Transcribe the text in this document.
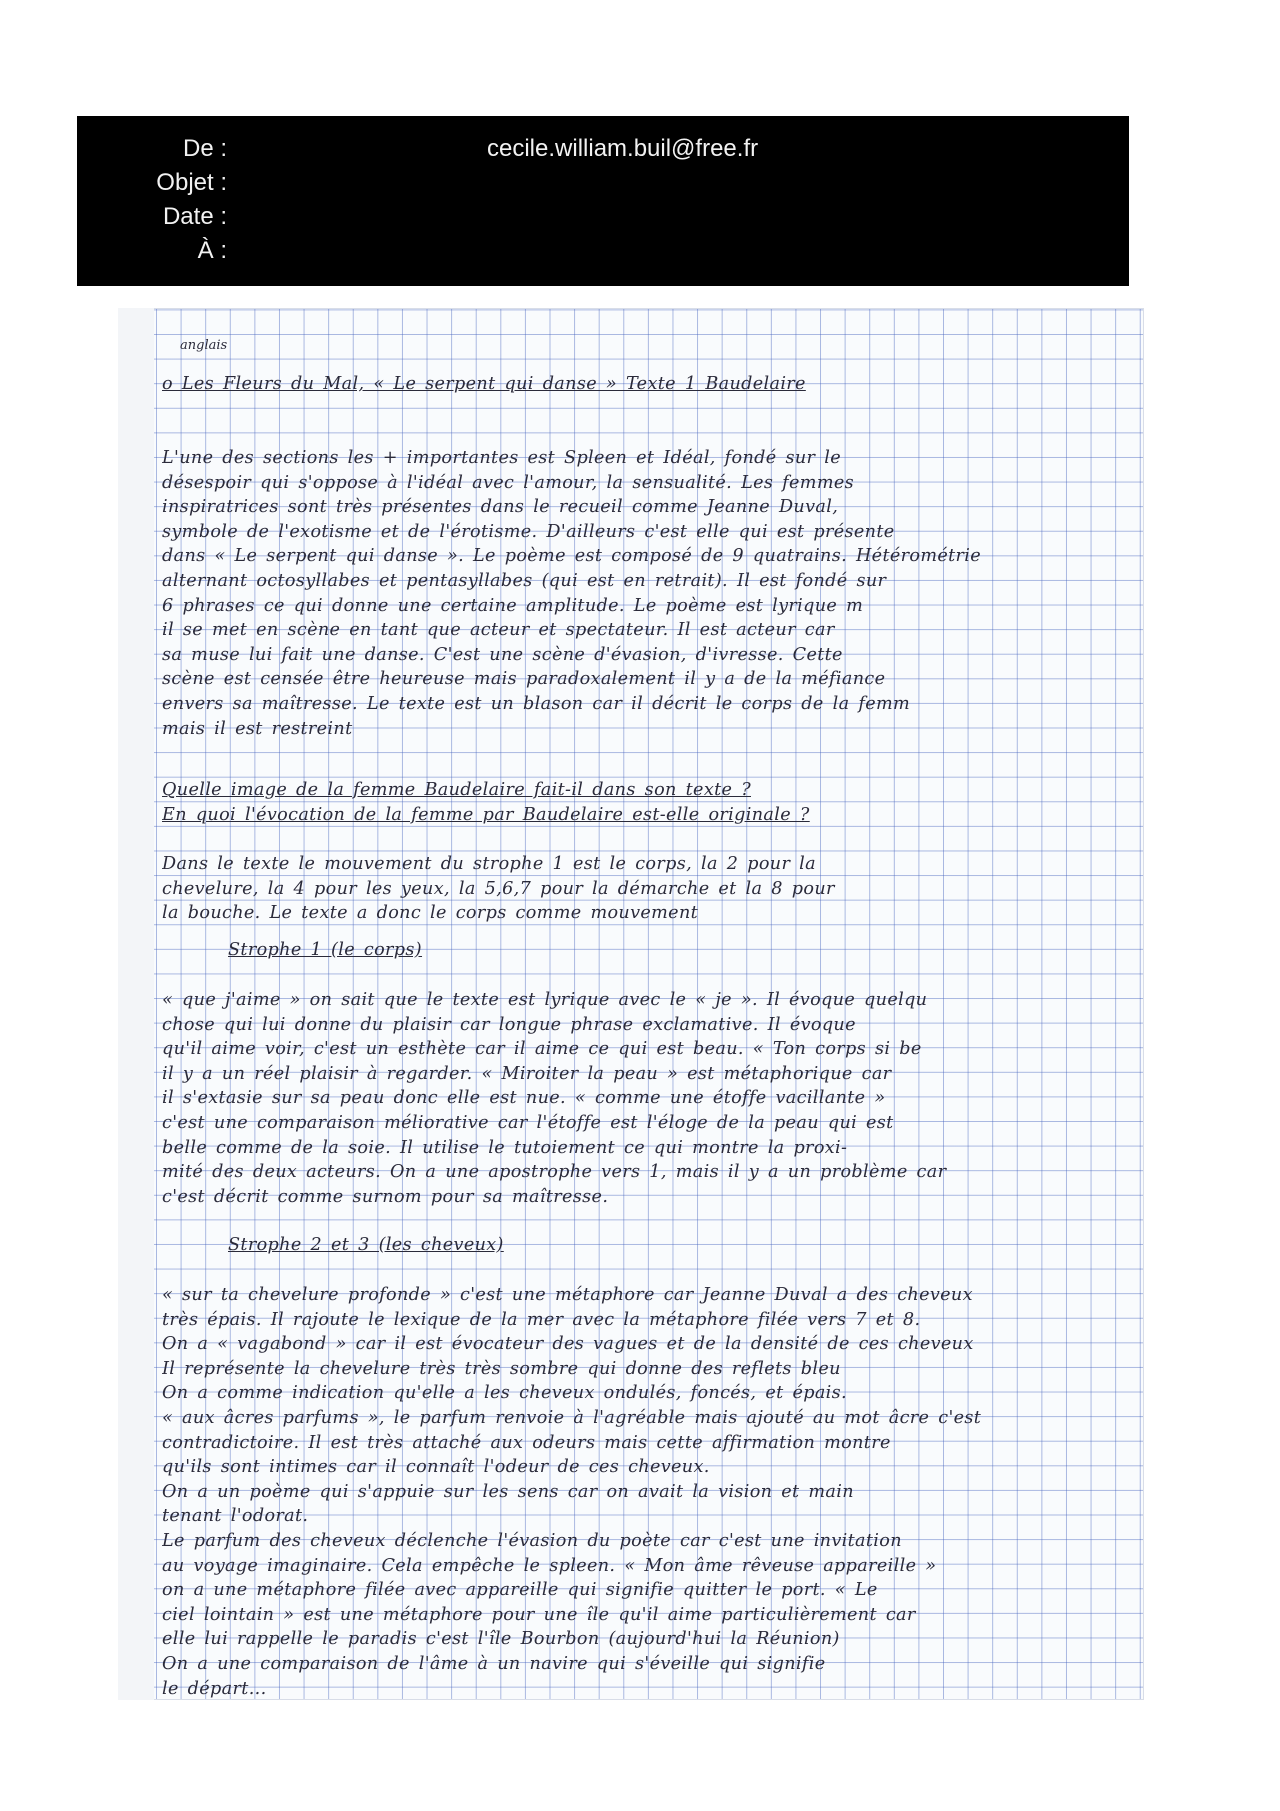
De :	cecile.william.buil@free.fr
Objet :
Date :
À :
anglais
o Les Fleurs du Mal, « Le serpent qui danse » Texte 1 Baudelaire
L'une des sections les + importantes est Spleen et Idéal, fondé sur le
désespoir qui s'oppose à l'idéal avec l'amour, la sensualité. Les femmes
inspiratrices sont très présentes dans le recueil comme Jeanne Duval,
symbole de l'exotisme et de l'érotisme. D'ailleurs c'est elle qui est présente
dans « Le serpent qui danse ». Le poème est composé de 9 quatrains. Hétérométrie
alternant octosyllabes et pentasyllabes (qui est en retrait). Il est fondé sur
6 phrases ce qui donne une certaine amplitude. Le poème est lyrique m
il se met en scène en tant que acteur et spectateur. Il est acteur car
sa muse lui fait une danse. C'est une scène d'évasion, d'ivresse. Cette
scène est censée être heureuse mais paradoxalement il y a de la méfiance
envers sa maîtresse. Le texte est un blason car il décrit le corps de la femm
mais il est restreint
Quelle image de la femme Baudelaire fait-il dans son texte ?
En quoi l'évocation de la femme par Baudelaire est-elle originale ?
Dans le texte le mouvement du strophe 1 est le corps, la 2 pour la
chevelure, la 4 pour les yeux, la 5,6,7 pour la démarche et la 8 pour
la bouche. Le texte a donc le corps comme mouvement
Strophe 1 (le corps)
« que j'aime » on sait que le texte est lyrique avec le « je ». Il évoque quelqu
chose qui lui donne du plaisir car longue phrase exclamative. Il évoque
qu'il aime voir, c'est un esthète car il aime ce qui est beau. « Ton corps si be
il y a un réel plaisir à regarder. « Miroiter la peau » est métaphorique car
il s'extasie sur sa peau donc elle est nue. « comme une étoffe vacillante »
c'est une comparaison méliorative car l'étoffe est l'éloge de la peau qui est
belle comme de la soie. Il utilise le tutoiement ce qui montre la proxi-
mité des deux acteurs. On a une apostrophe vers 1, mais il y a un problème car
c'est décrit comme surnom pour sa maîtresse.
Strophe 2 et 3 (les cheveux)
« sur ta chevelure profonde » c'est une métaphore car Jeanne Duval a des cheveux
très épais. Il rajoute le lexique de la mer avec la métaphore filée vers 7 et 8.
On a « vagabond » car il est évocateur des vagues et de la densité de ces cheveux
Il représente la chevelure très très sombre qui donne des reflets bleu
On a comme indication qu'elle a les cheveux ondulés, foncés, et épais.
« aux âcres parfums », le parfum renvoie à l'agréable mais ajouté au mot âcre c'est
contradictoire. Il est très attaché aux odeurs mais cette affirmation montre
qu'ils sont intimes car il connaît l'odeur de ces cheveux.
On a un poème qui s'appuie sur les sens car on avait la vision et main
tenant l'odorat.
Le parfum des cheveux déclenche l'évasion du poète car c'est une invitation
au voyage imaginaire. Cela empêche le spleen. « Mon âme rêveuse appareille »
on a une métaphore filée avec appareille qui signifie quitter le port. « Le
ciel lointain » est une métaphore pour une île qu'il aime particulièrement car
elle lui rappelle le paradis c'est l'île Bourbon (aujourd'hui la Réunion)
On a une comparaison de l'âme à un navire qui s'éveille qui signifie
le départ...
